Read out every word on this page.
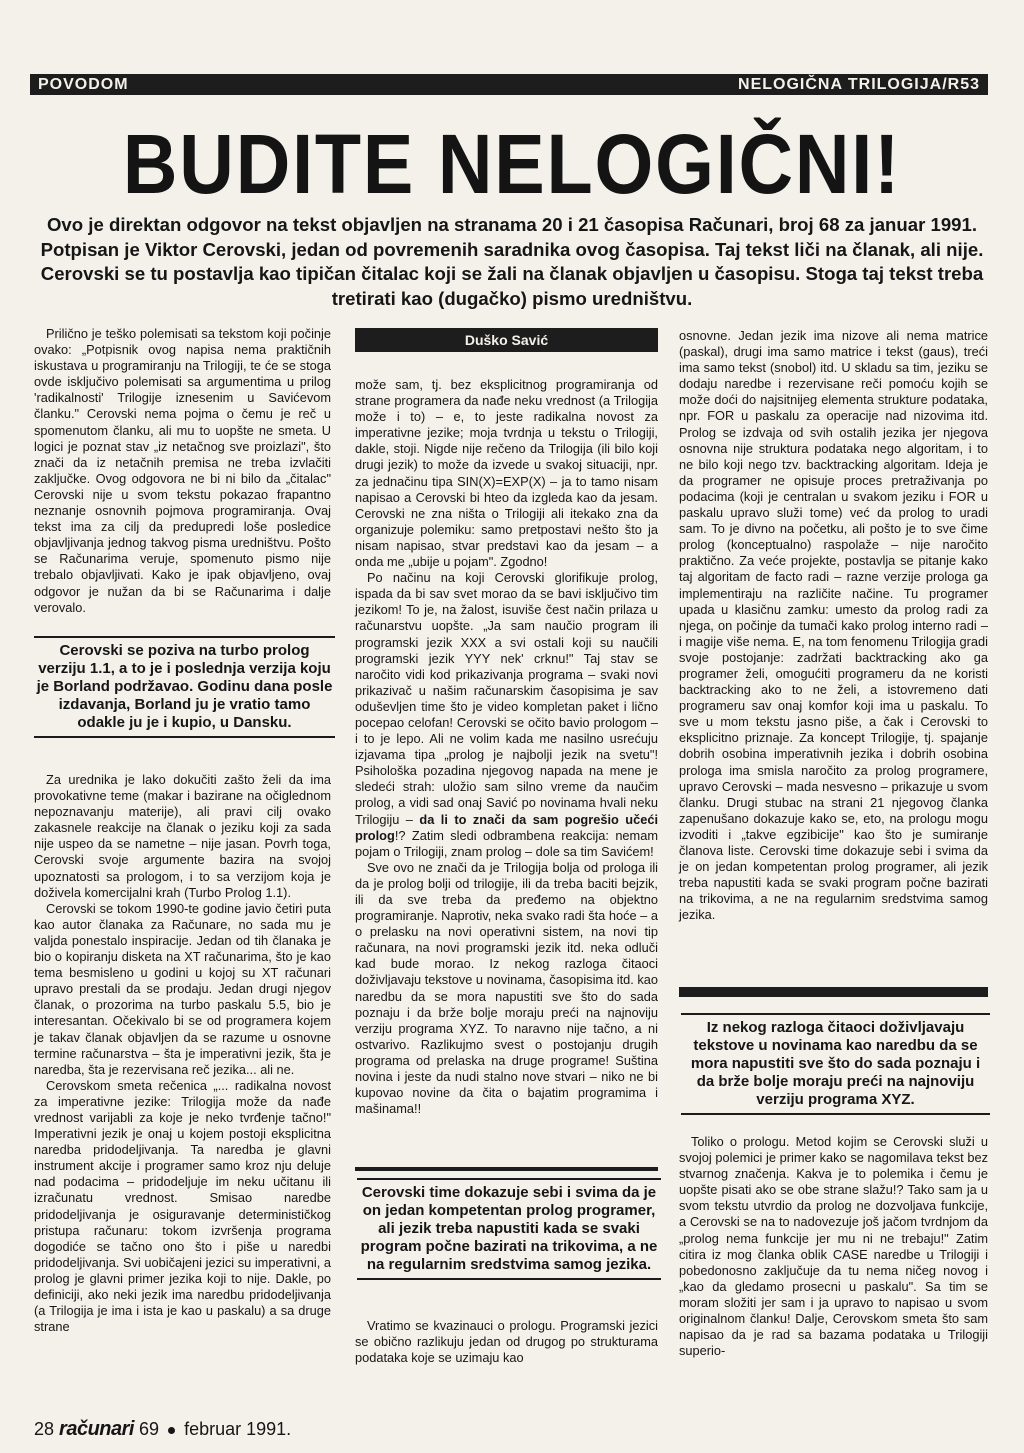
POVODOM	NELOGIČNA TRILOGIJA/R53
BUDITE NELOGIČNI!
Ovo je direktan odgovor na tekst objavljen na stranama 20 i 21 časopisa Računari, broj 68 za januar 1991. Potpisan je Viktor Cerovski, jedan od povremenih saradnika ovog časopisa. Taj tekst liči na članak, ali nije. Cerovski se tu postavlja kao tipičan čitalac koji se žali na članak objavljen u časopisu. Stoga taj tekst treba tretirati kao (dugačko) pismo uredništvu.

Prilično je teško polemisati sa tekstom koji počinje ovako: „Potpisnik ovog napisa nema praktičnih iskustava u programiranju na Trilogiji, te će se stoga ovde isključivo polemisati sa argumentima u prilog 'radikalnosti' Trilogije iznesenim u Savićevom članku." Cerovski nema pojma o čemu je reč u spomenutom članku, ali mu to uopšte ne smeta. U logici je poznat stav „iz netačnog sve proizlazi", što znači da iz netačnih premisa ne treba izvlačiti zaključke. Ovog odgovora ne bi ni bilo da „čitalac" Cerovski nije u svom tekstu pokazao frapantno neznanje osnovnih pojmova programiranja. Ovaj tekst ima za cilj da predupredi loše posledice objavljivanja jednog takvog pisma uredništvu. Pošto se Računarima veruje, spomenuto pismo nije trebalo objavljivati. Kako je ipak objavljeno, ovaj odgovor je nužan da bi se Računarima i dalje verovalo.

Cerovski se poziva na turbo prolog verziju 1.1, a to je i poslednja verzija koju je Borland podržavao. Godinu dana posle izdavanja, Borland ju je vratio tamo odakle ju je i kupio, u Dansku.

Za urednika je lako dokučiti zašto želi da ima provokativne teme (makar i bazirane na očiglednom nepoznavanju materije), ali pravi cilj ovako zakasnele reakcije na članak o jeziku koji za sada nije uspeo da se nametne – nije jasan. Povrh toga, Cerovski svoje argumente bazira na svojoj upoznatosti sa prologom, i to sa verzijom koja je doživela komercijalni krah (Turbo Prolog 1.1).

Cerovski se tokom 1990-te godine javio četiri puta kao autor članaka za Računare, no sada mu je valjda ponestalo inspiracije. Jedan od tih članaka je bio o kopiranju disketa na XT računarima, što je kao tema besmisleno u godini u kojoj su XT računari upravo prestali da se prodaju. Jedan drugi njegov članak, o prozorima na turbo paskalu 5.5, bio je interesantan. Očekivalo bi se od programera kojem je takav članak objavljen da se razume u osnovne termine računarstva – šta je imperativni jezik, šta je naredba, šta je rezervisana reč jezika... ali ne.

Cerovskom smeta rečenica „... radikalna novost za imperativne jezike: Trilogija može da nađe vrednost varijabli za koje je neko tvrđenje tačno!" Imperativni jezik je onaj u kojem postoji eksplicitna naredba pridodeljivanja. Ta naredba je glavni instrument akcije i programer samo kroz nju deluje nad podacima – pridodeljuje im neku učitanu ili izračunatu vrednost. Smisao naredbe pridodeljivanja je osiguravanje determinističkog pristupa računaru: tokom izvršenja programa dogodiće se tačno ono što i piše u naredbi pridodeljivanja. Svi uobičajeni jezici su imperativni, a prolog je glavni primer jezika koji to nije. Dakle, po definiciji, ako neki jezik ima naredbu pridodeljivanja (a Trilogija je ima i ista je kao u paskalu) a sa druge strane

Duško Savić

može sam, tj. bez eksplicitnog programiranja od strane programera da nađe neku vrednost (a Trilogija može i to) – e, to jeste radikalna novost za imperativne jezike; moja tvrdnja u tekstu o Trilogiji, dakle, stoji. Nigde nije rečeno da Trilogija (ili bilo koji drugi jezik) to može da izvede u svakoj situaciji, npr. za jednačinu tipa SIN(X)=EXP(X) – ja to tamo nisam napisao a Cerovski bi hteo da izgleda kao da jesam. Cerovski ne zna ništa o Trilogiji ali itekako zna da organizuje polemiku: samo pretpostavi nešto što ja nisam napisao, stvar predstavi kao da jesam – a onda me „ubije u pojam". Zgodno!

Po načinu na koji Cerovski glorifikuje prolog, ispada da bi sav svet morao da se bavi isključivo tim jezikom! To je, na žalost, isuviše čest način prilaza u računarstvu uopšte. „Ja sam naučio program ili programski jezik XXX a svi ostali koji su naučili programski jezik YYY nek' crknu!" Taj stav se naročito vidi kod prikazivanja programa – svaki novi prikazivač u našim računarskim časopisima je sav oduševljen time što je video kompletan paket i lično pocepao celofan! Cerovski se očito bavio prologom – i to je lepo. Ali ne volim kada me nasilno usrećuju izjavama tipa „prolog je najbolji jezik na svetu"! Psihološka pozadina njegovog napada na mene je sledeći strah: uložio sam silno vreme da naučim prolog, a vidi sad onaj Savić po novinama hvali neku Trilogiju – da li to znači da sam pogrešio učeći prolog!? Zatim sledi odbrambena reakcija: nemam pojam o Trilogiji, znam prolog – dole sa tim Savićem!

Sve ovo ne znači da je Trilogija bolja od prologa ili da je prolog bolji od trilogije, ili da treba baciti bejzik, ili da sve treba da pređemo na objektno programiranje. Naprotiv, neka svako radi šta hoće – a o prelasku na novi operativni sistem, na novi tip računara, na novi programski jezik itd. neka odluči kad bude morao. Iz nekog razloga čitaoci doživljavaju tekstove u novinama, časopisima itd. kao naredbu da se mora napustiti sve što do sada poznaju i da brže bolje moraju preći na najnoviju verziju programa XYZ. To naravno nije tačno, a ni ostvarivo. Razlikujmo svest o postojanju drugih programa od prelaska na druge programe! Suština novina i jeste da nudi stalno nove stvari – niko ne bi kupovao novine da čita o bajatim programima i mašinama!!

Cerovski time dokazuje sebi i svima da je on jedan kompetentan prolog programer, ali jezik treba napustiti kada se svaki program počne bazirati na trikovima, a ne na regularnim sredstvima samog jezika.

Vratimo se kvazinauci o prologu. Programski jezici se obično razlikuju jedan od drugog po strukturama podataka koje se uzimaju kao

osnovne. Jedan jezik ima nizove ali nema matrice (paskal), drugi ima samo matrice i tekst (gaus), treći ima samo tekst (snobol) itd. U skladu sa tim, jeziku se dodaju naredbe i rezervisane reči pomoću kojih se može doći do najsitnijeg elementa strukture podataka, npr. FOR u paskalu za operacije nad nizovima itd. Prolog se izdvaja od svih ostalih jezika jer njegova osnovna nije struktura podataka nego algoritam, i to ne bilo koji nego tzv. backtracking algoritam. Ideja je da programer ne opisuje proces pretraživanja po podacima (koji je centralan u svakom jeziku i FOR u paskalu upravo služi tome) već da prolog to uradi sam. To je divno na početku, ali pošto je to sve čime prolog (konceptualno) raspolaže – nije naročito praktično. Za veće projekte, postavlja se pitanje kako taj algoritam de facto radi – razne verzije prologa ga implementiraju na različite načine. Tu programer upada u klasičnu zamku: umesto da prolog radi za njega, on počinje da tumači kako prolog interno radi – i magije više nema. E, na tom fenomenu Trilogija gradi svoje postojanje: zadržati backtracking ako ga programer želi, omogućiti programeru da ne koristi backtracking ako to ne želi, a istovremeno dati programeru sav onaj komfor koji ima u paskalu. To sve u mom tekstu jasno piše, a čak i Cerovski to eksplicitno priznaje. Za koncept Trilogije, tj. spajanje dobrih osobina imperativnih jezika i dobrih osobina prologa ima smisla naročito za prolog programere, upravo Cerovski – mada nesvesno – prikazuje u svom članku. Drugi stubac na strani 21 njegovog članka zapenušano dokazuje kako se, eto, na prologu mogu izvoditi i „takve egzibicije" kao što je sumiranje članova liste. Cerovski time dokazuje sebi i svima da je on jedan kompetentan prolog programer, ali jezik treba napustiti kada se svaki program počne bazirati na trikovima, a ne na regularnim sredstvima samog jezika.

Iz nekog razloga čitaoci doživljavaju tekstove u novinama kao naredbu da se mora napustiti sve što do sada poznaju i da brže bolje moraju preći na najnoviju verziju programa XYZ.

Toliko o prologu. Metod kojim se Cerovski služi u svojoj polemici je primer kako se nagomilava tekst bez stvarnog značenja. Kakva je to polemika i čemu je uopšte pisati ako se obe strane slažu!? Tako sam ja u svom tekstu utvrdio da prolog ne dozvoljava funkcije, a Cerovski se na to nadovezuje još jačom tvrdnjom da „prolog nema funkcije jer mu ni ne trebaju!" Zatim citira iz mog članka oblik CASE naredbe u Trilogiji i pobedonosno zaključuje da tu nema ničeg novog i „kao da gledamo prosecni u paskalu". Sa tim se moram složiti jer sam i ja upravo to napisao u svom originalnom članku! Dalje, Cerovskom smeta što sam napisao da je rad sa bazama podataka u Trilogiji superio-

28 računari 69 februar 1991.
